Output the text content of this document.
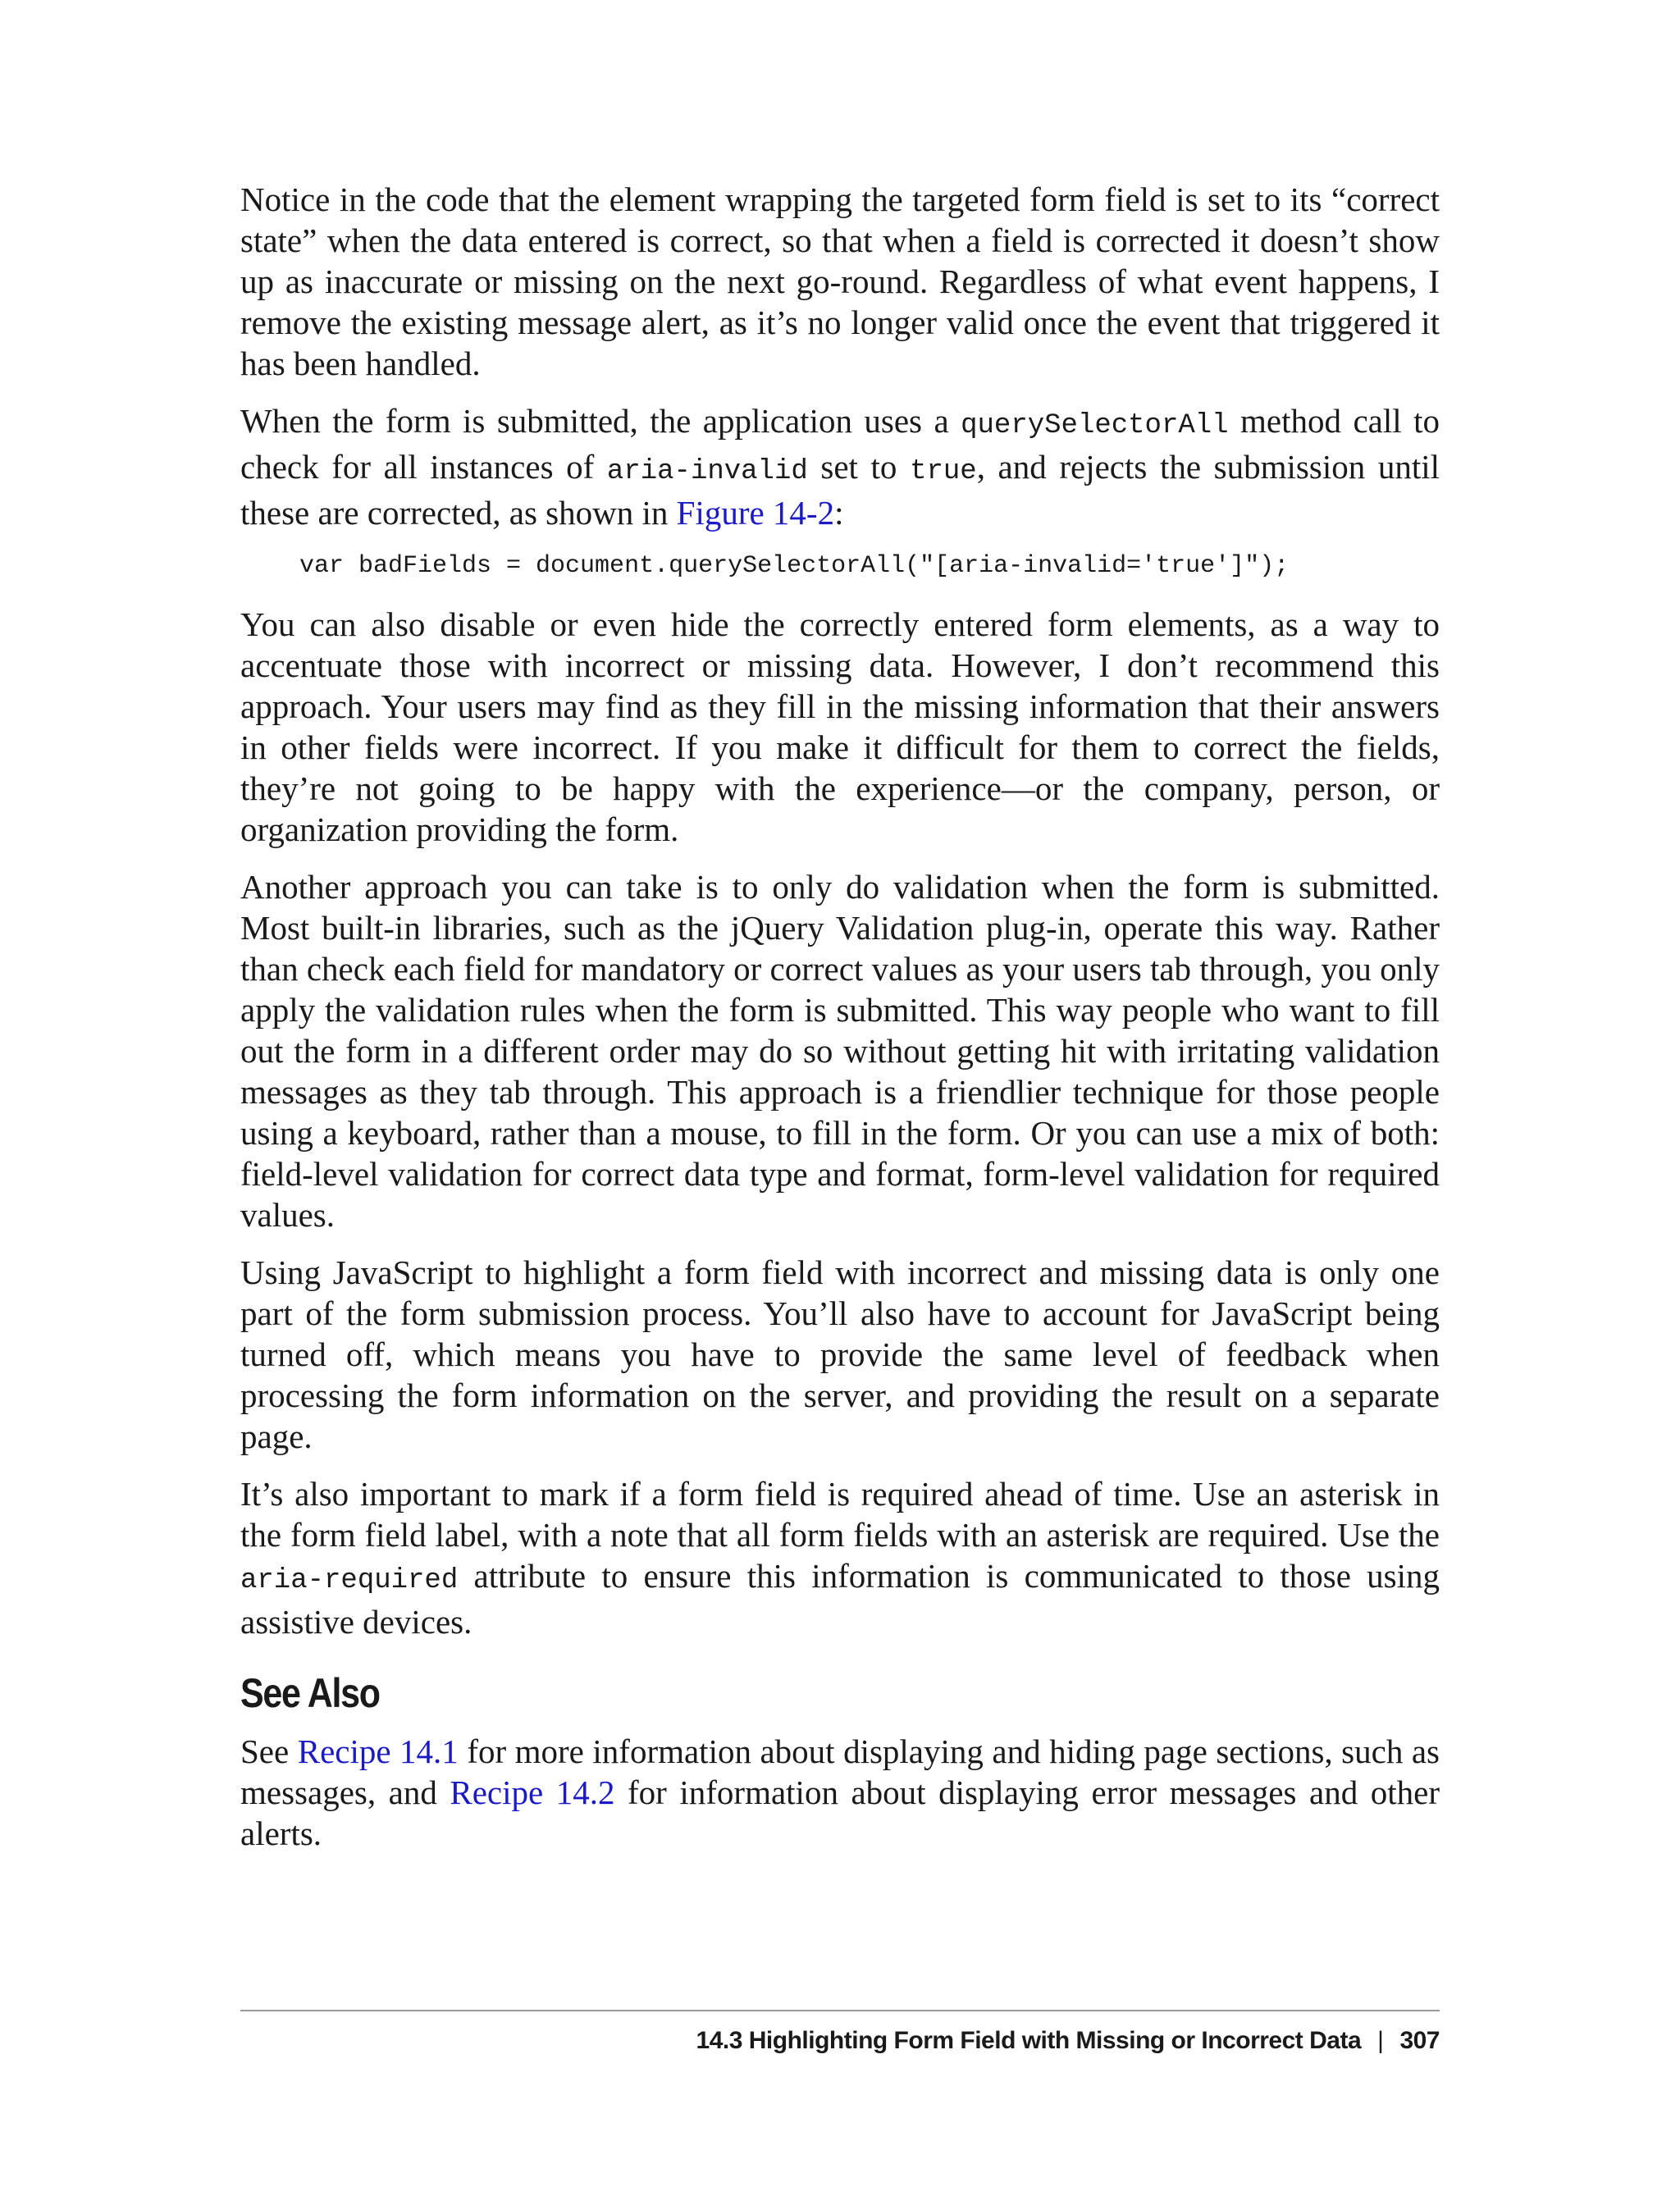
Notice in the code that the element wrapping the targeted form field is set to its “correct state” when the data entered is correct, so that when a field is corrected it doesn’t show up as inaccurate or missing on the next go-round. Regardless of what event happens, I remove the existing message alert, as it’s no longer valid once the event that triggered it has been handled.

When the form is submitted, the application uses a querySelectorAll method call to check for all instances of aria-invalid set to true, and rejects the submission until these are corrected, as shown in Figure 14-2:

var badFields = document.querySelectorAll("[aria-invalid='true']");

You can also disable or even hide the correctly entered form elements, as a way to accentuate those with incorrect or missing data. However, I don’t recommend this approach. Your users may find as they fill in the missing information that their answers in other fields were incorrect. If you make it difficult for them to correct the fields, they’re not going to be happy with the experience—or the company, person, or organization providing the form.

Another approach you can take is to only do validation when the form is submitted. Most built-in libraries, such as the jQuery Validation plug-in, operate this way. Rather than check each field for mandatory or correct values as your users tab through, you only apply the validation rules when the form is submitted. This way people who want to fill out the form in a different order may do so without getting hit with irritating validation messages as they tab through. This approach is a friendlier technique for those people using a keyboard, rather than a mouse, to fill in the form. Or you can use a mix of both: field-level validation for correct data type and format, form-level validation for required values.

Using JavaScript to highlight a form field with incorrect and missing data is only one part of the form submission process. You’ll also have to account for JavaScript being turned off, which means you have to provide the same level of feedback when processing the form information on the server, and providing the result on a separate page.

It’s also important to mark if a form field is required ahead of time. Use an asterisk in the form field label, with a note that all form fields with an asterisk are required. Use the aria-required attribute to ensure this information is communicated to those using assistive devices.

See Also

See Recipe 14.1 for more information about displaying and hiding page sections, such as messages, and Recipe 14.2 for information about displaying error messages and other alerts.

14.3 Highlighting Form Field with Missing or Incorrect Data | 307
